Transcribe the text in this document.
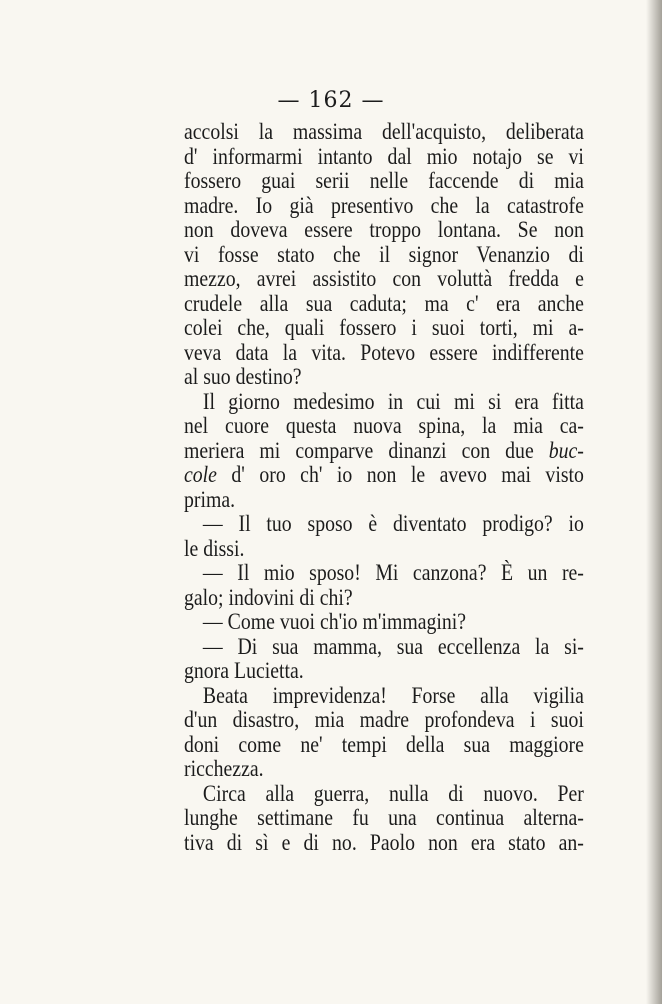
— 162 —
accolsi la massima dell'acquisto, deliberata
d' informarmi intanto dal mio notajo se vi
fossero guai serii nelle faccende di mia
madre. Io già presentivo che la catastrofe
non doveva essere troppo lontana. Se non
vi fosse stato che il signor Venanzio di
mezzo, avrei assistito con voluttà fredda e
crudele alla sua caduta; ma c' era anche
colei che, quali fossero i suoi torti, mi a-
veva data la vita. Potevo essere indifferente
al suo destino?
Il giorno medesimo in cui mi si era fitta
nel cuore questa nuova spina, la mia ca-
meriera mi comparve dinanzi con due buc-
cole d' oro ch' io non le avevo mai visto
prima.
— Il tuo sposo è diventato prodigo? io
le dissi.
— Il mio sposo! Mi canzona? È un re-
galo; indovini di chi?
— Come vuoi ch'io m'immagini?
— Di sua mamma, sua eccellenza la si-
gnora Lucietta.
Beata imprevidenza! Forse alla vigilia
d'un disastro, mia madre profondeva i suoi
doni come ne' tempi della sua maggiore
ricchezza.
Circa alla guerra, nulla di nuovo. Per
lunghe settimane fu una continua alterna-
tiva di sì e di no. Paolo non era stato an-
